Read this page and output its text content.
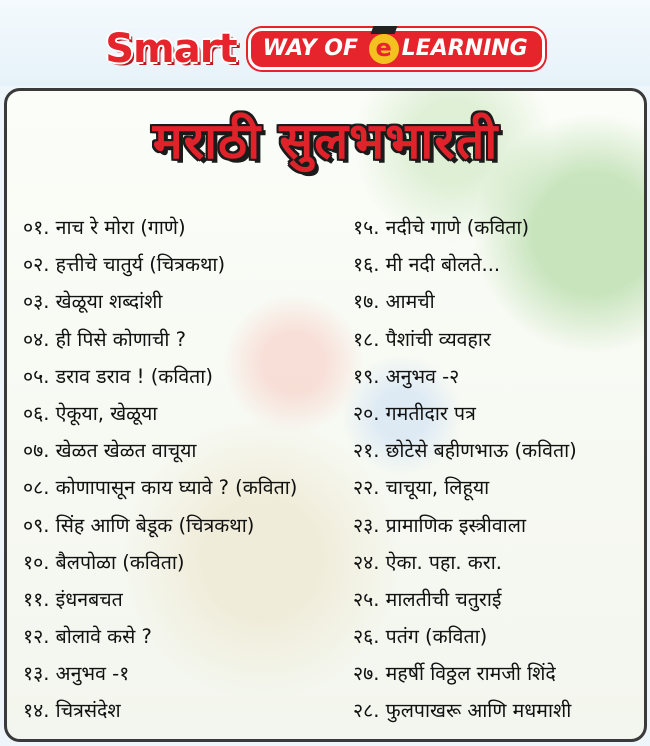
Smart WAY OF e LEARNING
मराठी सुलभभारती
०१. नाच रे मोरा (गाणे)
०२. हत्तीचे चातुर्य (चित्रकथा)
०३. खेळूया शब्दांशी
०४. ही पिसे कोणाची ?
०५. डराव डराव ! (कविता)
०६. ऐकूया, खेळूया
०७. खेळत खेळत वाचूया
०८. कोणापासून काय घ्यावे ? (कविता)
०९. सिंह आणि बेडूक (चित्रकथा)
१०. बैलपोळा (कविता)
११. इंधनबचत
१२. बोलावे कसे ?
१३. अनुभव -१
१४. चित्रसंदेश
१५. नदीचे गाणे (कविता)
१६. मी नदी बोलते...
१७. आमची
१८. पैशांची व्यवहार
१९. अनुभव -२
२०. गमतीदार पत्र
२१. छोटेसे बहीणभाऊ (कविता)
२२. चाचूया, लिहूया
२३. प्रामाणिक इस्त्रीवाला
२४. ऐका. पहा. करा.
२५. मालतीची चतुराई
२६. पतंग (कविता)
२७. महर्षी विठ्ठल रामजी शिंदे
२८. फुलपाखरू आणि मधमाशी
